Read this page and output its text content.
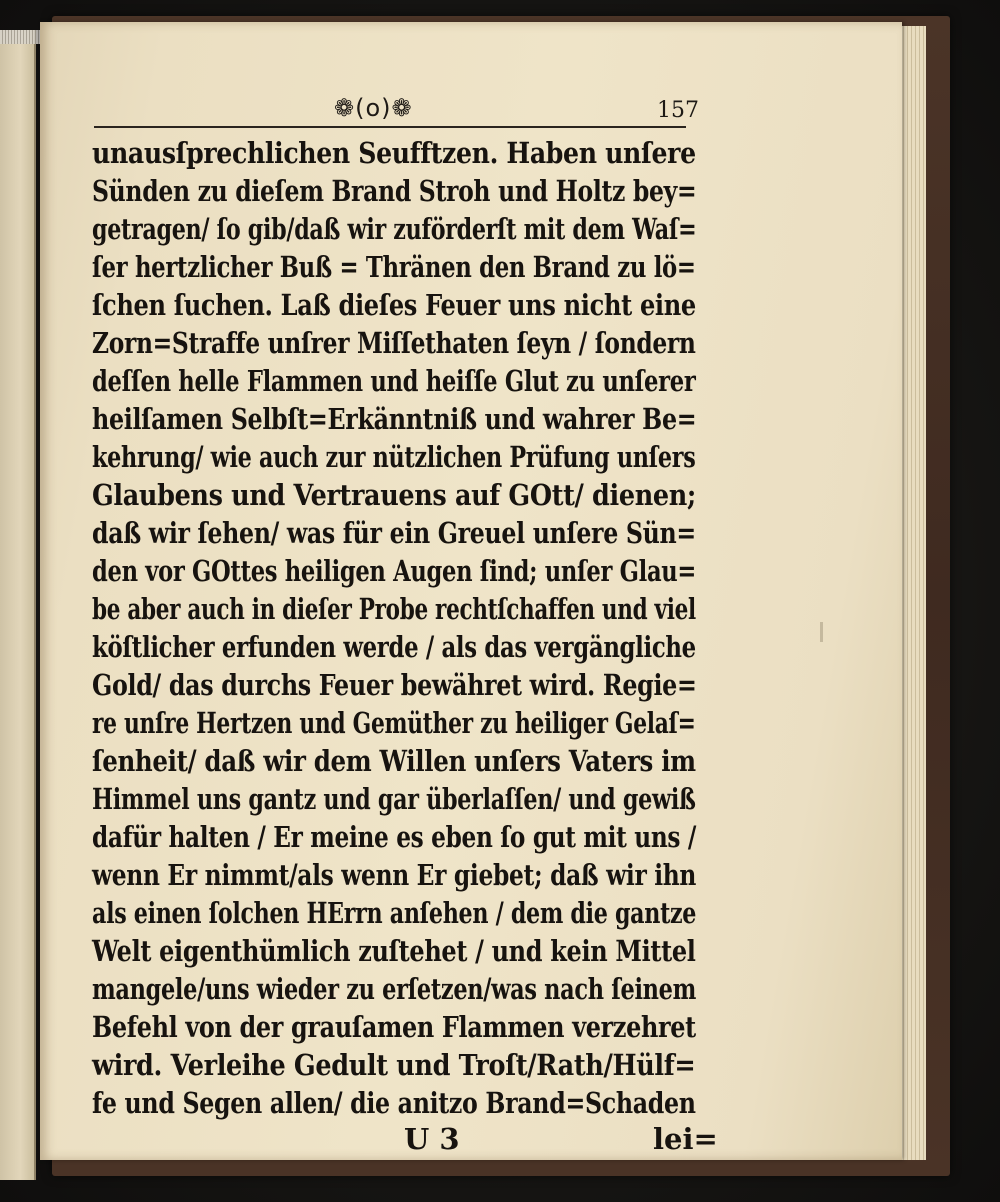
❁(o)❁	157
unausſprechlichen Seufftzen. Haben unſere
Sünden zu dieſem Brand Stroh und Holtz bey=
getragen/ ſo gib/daß wir zuförderſt mit dem Waſ=
ſer hertzlicher Buß = Thränen den Brand zu lö=
ſchen ſuchen. Laß dieſes Feuer uns nicht eine
Zorn=Straffe unſrer Miſſethaten ſeyn / ſondern
deſſen helle Flammen und heiſſe Glut zu unſerer
heilſamen Selbſt=Erkänntniß und wahrer Be=
kehrung/ wie auch zur nützlichen Prüfung unſers
Glaubens und Vertrauens auf GOtt/ dienen;
daß wir ſehen/ was für ein Greuel unſere Sün=
den vor GOttes heiligen Augen ſind; unſer Glau=
be aber auch in dieſer Probe rechtſchaffen und viel
köſtlicher erfunden werde / als das vergängliche
Gold/ das durchs Feuer bewähret wird. Regie=
re unſre Hertzen und Gemüther zu heiliger Gelaſ=
ſenheit/ daß wir dem Willen unſers Vaters im
Himmel uns gantz und gar überlaſſen/ und gewiß
dafür halten / Er meine es eben ſo gut mit uns /
wenn Er nimmt/als wenn Er giebet; daß wir ihn
als einen ſolchen HErrn anſehen / dem die gantze
Welt eigenthümlich zuſtehet / und kein Mittel
mangele/uns wieder zu erſetzen/was nach ſeinem
Befehl von der grauſamen Flammen verzehret
wird. Verleihe Gedult und Troſt/Rath/Hülf=
fe und Segen allen/ die anitzo Brand=Schaden
U 3	lei=
